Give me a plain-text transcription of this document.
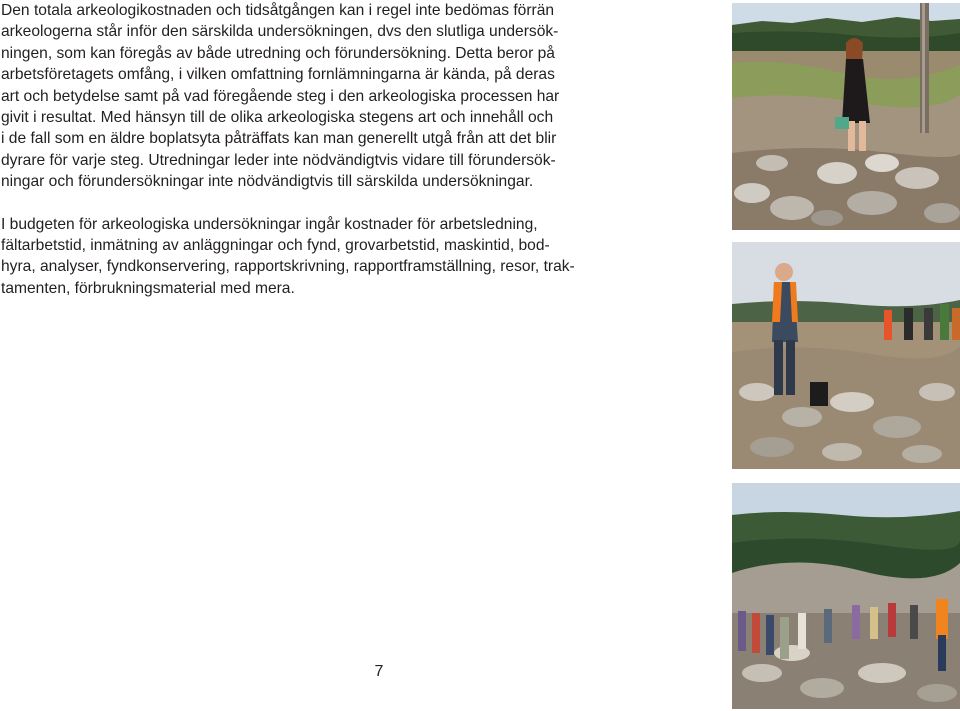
Den totala arkeologikostnaden och tidsåtgången kan i regel inte bedömas förrän
arkeologerna står inför den särskilda undersökningen, dvs den slutliga undersök-
ningen, som kan föregås av både utredning och förundersökning. Detta beror på
arbetsföretagets omfång, i vilken omfattning fornlämningarna är kända, på deras
art och betydelse samt på vad föregående steg i den arkeologiska processen har
givit i resultat. Med hänsyn till de olika arkeologiska stegens art och innehåll och
i de fall som en äldre boplatsyta påträffats kan man generellt utgå från att det blir
dyrare för varje steg. Utredningar leder inte nödvändigtvis vidare till förundersök-
ningar och förundersökningar inte nödvändigtvis till särskilda undersökningar.

I budgeten för arkeologiska undersökningar ingår kostnader för arbetsledning,
fältarbetstid, inmätning av anläggningar och fynd, grovarbetstid, maskintid, bod-
hyra, analyser, fyndkonservering, rapportskrivning, rapportframställning, resor, trak-
tamenten, förbrukningsmaterial med mera.

7
